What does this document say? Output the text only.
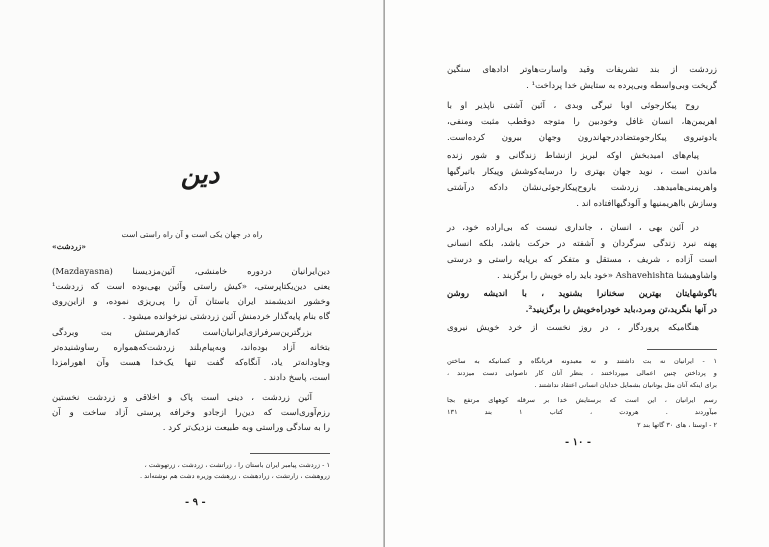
دین
راه در جهان یکی است و آن راه راستی است
«زردشت»
دین‌ایرانیان دردوره‌ خامنشی، آئین‌مزدیسنا (Mazdayasna)
یعنی دین‌یکتاپرستی، «کیش راستی وآئین بهی‌بوده است‌ که زردشت¹
وخشور اندیشمند ایران باستان آن را پی‌ریزی نموده‌، و ازاین‌روی
گاه بنام پایه‌گذار خردمنش آئین زردشتی نیزخوانده میشود .
بزرگترین‌سرفرازی‌ایرانیان‌است که‌ازهرستش بت وبردگی
بتخانه آزاد بوده‌اند، وبه‌پیام‌بلند زردشت‌که‌همواره رسا‌وشنیده‌تر
وجاودانه‌تر یاد، آنگاه‌که گفت تنها یک‌خدا هست وآن اهورامزدا
است، پاسخ دادند .
آئین زردشت ، دینی است پاک و اخلاقی و زردشت نخستین
رزم‌آوری‌است که دین‌را ازجادو وخرافه پرستی آزاد ساخت و آن
را به سادگی وراستی وبه طبیعت نزدیک‌تر کرد .
١ - زردشت پیامبر ایران باستان را ، زراتشت ، زردشت ، زرتهوشت ،
زروهشت ، زارتشت ، زرادهشت ، زرهشت وزیره دشت هم نوشته‌اند .
- ٩ -
زردشت از بند تشریفات وقید واسارت‌هاوتر ادادهای سنگین
گریخت وبی‌واسطه وبی‌پرده به ستایش خدا پرداخت¹ .
روح پیکارجوئی اوبا تیرگی وبدی ، آئین آشتی ناپذیر او با
اهریمن‌ها، انسان غافل وخودبین را متوجه دوقطب مثبت ومنفی،
یادوتیروی پیکارجومتضاددرجهاندرون وجهان بیرون کرده‌است.
پیام‌های امیدبخش اوکه لبریز ازنشاط زندگانی و شور زنده
ماندن است ، نوید جهان بهتری را درسایه‌کوشش وپیکار باتیرگیها
واهریمنی‌هامیدهد. زردشت باروح‌پیکارجوئی‌نشان داد‌که‌ درآشتی
وسازش بااهریمنیها و آلودگیها‌افتاده اند .
در آئین بهی ، انسان ، جانداری نیست که بی‌اراده خود، در
پهنه نبرد زندگی سرگردان و آشفته در حرکت باشد، بلکه انسانی
است آزاده ، شریف ، مستقل و متفکر که برپایه راستی و درستی
واشاوهیشتا Ashavehishta «خود باید راه خویش را برگزیند .
باگوشهایتان بهترین سخنانرا بشنوید ، با اندیشه روشن
در آنها بنگرید،تن ومرد،باید خودراه‌خویش را برگزینید².
هنگامیکه پروردگار ، در روز نخست از خرد خویش نیروی
١ - ایرانیان نه بت داشتند و نه معبدونه قربانگاه و کسانیکه به ساختن
و پرداختن چنین اعمالی میپرداختند ، بنظر آنان کار ناصوابی دست میزدند ،
برای اینکه آنان مثل یونانیان بشمایل خدایان انسانی اعتقاد نداشتند .
رسم ایرانیان ، این است که برستایش خدا بر سرقله کوههای مرتفع بجا
میآوردند . هرودت ، کتاب ١ بند ١٣١
٢ - اوستا ، های ٣٠ گاتها بند ٢
- ١٠ -
